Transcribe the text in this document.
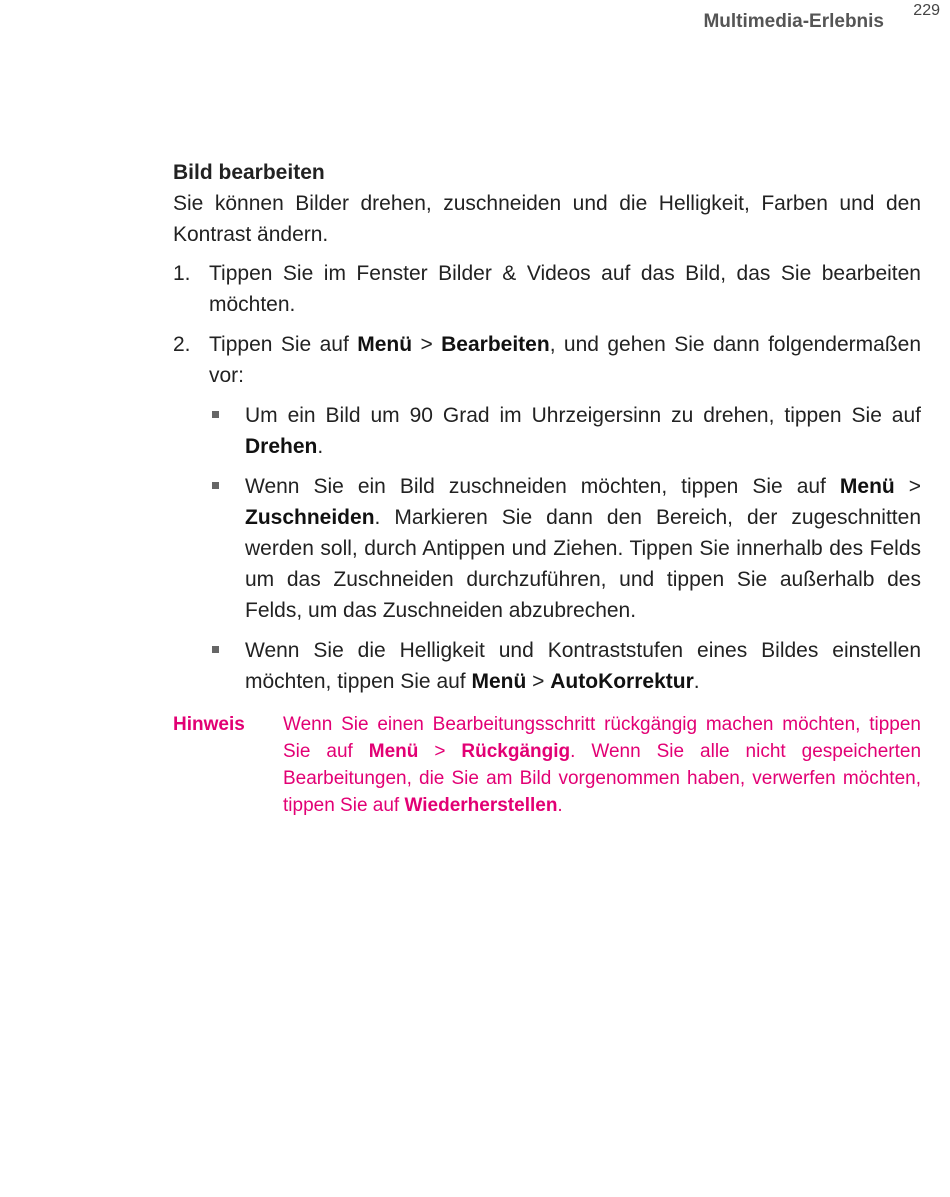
Multimedia-Erlebnis
229

Bild bearbeiten

Sie können Bilder drehen, zuschneiden und die Helligkeit, Farben und den Kontrast ändern.

1. Tippen Sie im Fenster Bilder & Videos auf das Bild, das Sie bearbeiten möchten.
2. Tippen Sie auf Menü > Bearbeiten, und gehen Sie dann folgendermaßen vor:
Um ein Bild um 90 Grad im Uhrzeigersinn zu drehen, tippen Sie auf Drehen.
Wenn Sie ein Bild zuschneiden möchten, tippen Sie auf Menü > Zuschneiden. Markieren Sie dann den Bereich, der zugeschnitten werden soll, durch Antippen und Ziehen. Tippen Sie innerhalb des Felds um das Zuschneiden durchzuführen, und tippen Sie außerhalb des Felds, um das Zuschneiden abzubrechen.
Wenn Sie die Helligkeit und Kontraststufen eines Bildes einstellen möchten, tippen Sie auf Menü > AutoKorrektur.
Hinweis Wenn Sie einen Bearbeitungsschritt rückgängig machen möchten, tippen Sie auf Menü > Rückgängig. Wenn Sie alle nicht gespeicherten Bearbeitungen, die Sie am Bild vorgenommen haben, verwerfen möchten, tippen Sie auf Wiederherstellen.
